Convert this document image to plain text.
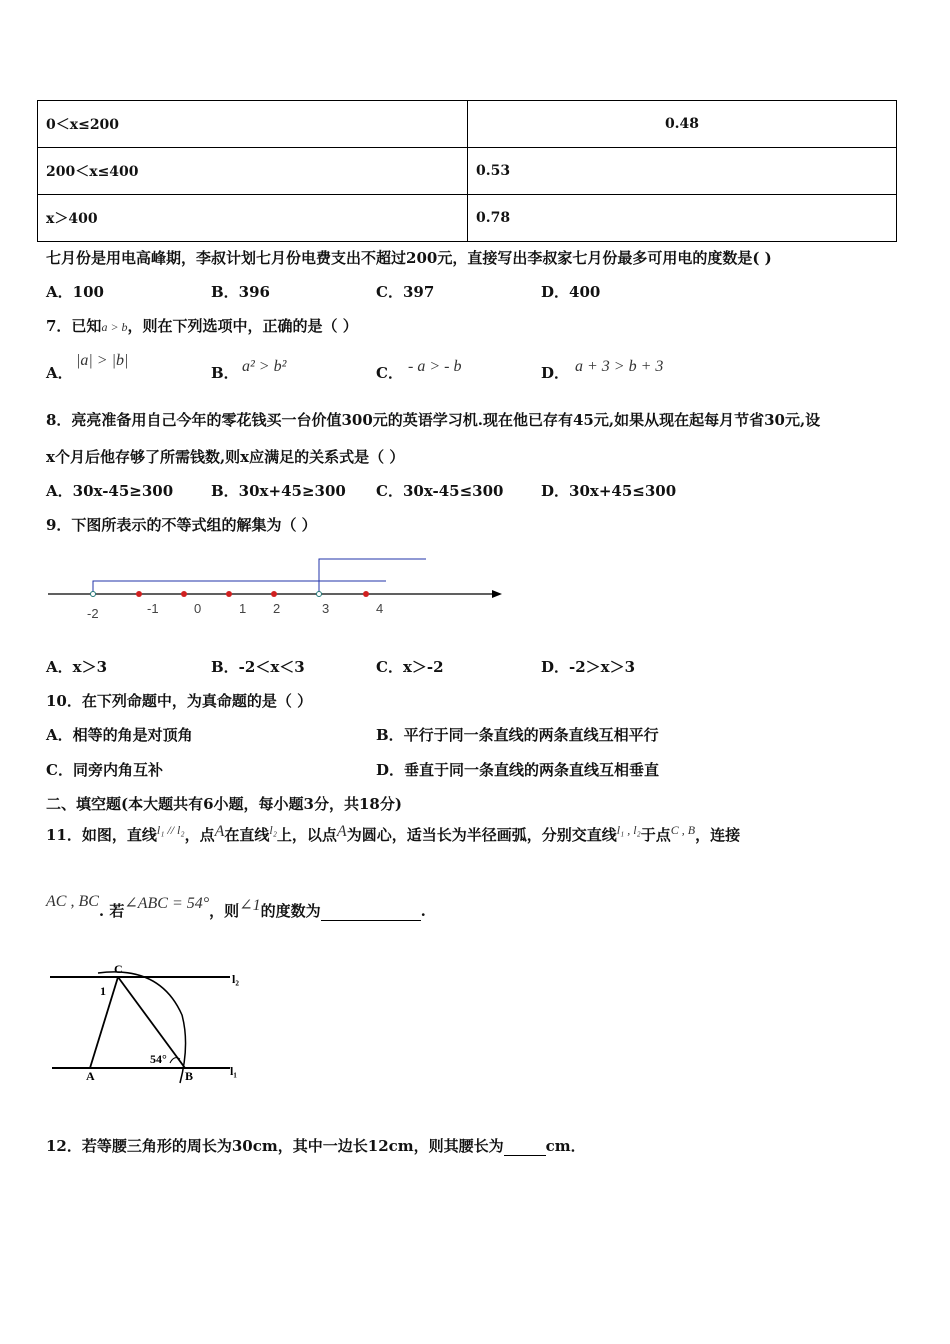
0＜x≤200	0.48
200＜x≤400	0.53
x＞400	0.78
七月份是用电高峰期，李叔计划七月份电费支出不超过200元，直接写出李叔家七月份最多可用电的度数是( )
A．100	B．396	C．397	D．400
7．已知a > b，则在下列选项中，正确的是（ ）
A．
|a| > |b|
B． a² > b²	C． - a > - b	D． a + 3 > b + 3
8．亮亮准备用自己今年的零花钱买一台价值300元的英语学习机.现在他已存有45元,如果从现在起每月节省30元,设
x个月后他存够了所需钱数,则x应满足的关系式是（ ）
A．30x-45≥300	B．30x+45≥300 C．30x-45≤300	D．30x+45≤300
9．下图所表示的不等式组的解集为（ ）
-2	-1	0	1 2	3	4
A．x＞3	B．-2＜x＜3	C．x＞-2	D．-2＞x＞3
10．在下列命题中，为真命题的是（ ）
A．相等的角是对顶角	B．平行于同一条直线的两条直线互相平行
C．同旁内角互补	D．垂直于同一条直线的两条直线互相垂直
二、填空题(本大题共有6小题，每小题3分，共18分)
11．如图，直线$^{l_1 // l_2}$，点A在直线$^{l_2}$上，以点A为圆心，适当长为半径画弧，分别交直线$^{l_1 , l_2}$于点$^{C , B}$，连接
AC , BC. 若∠ABC = 54°，则∠1的度数为	.
C
A	B
1
54°
l₂
l₁
12．若等腰三角形的周长为30cm，其中一边长12cm，则其腰长为	cm．
